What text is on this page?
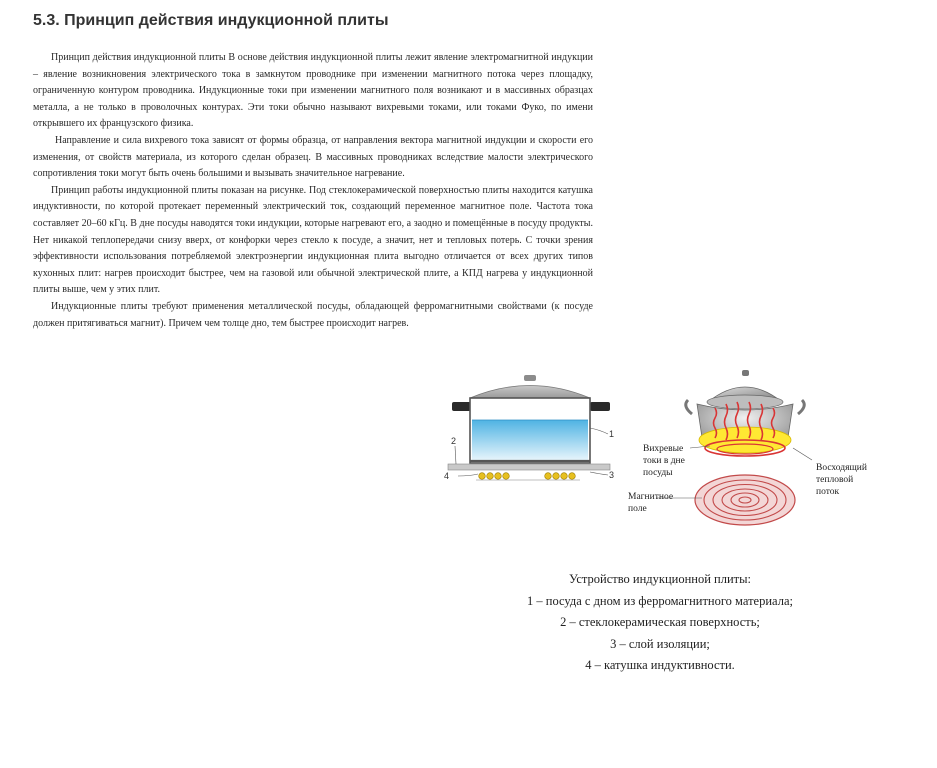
5.3. Принцип действия индукционной плиты

Принцип действия индукционной плиты В основе действия индукционной плиты лежит явление электромагнитной индукции – явление возникновения электрического тока в замкнутом проводнике при изменении магнитного потока через площадку, ограниченную контуром проводника. Индукционные токи при изменении магнитного поля возникают и в массивных образцах металла, а не только в проволочных контурах. Эти токи обычно называют вихревыми токами, или токами Фуко, по имени открывшего их французского физика.

Направление и сила вихревого тока зависят от формы образца, от направления вектора магнитной индукции и скорости его изменения, от свойств материала, из которого сделан образец. В массивных проводниках вследствие малости электрического сопротивления токи могут быть очень большими и вызывать значительное нагревание.

Принцип работы индукционной плиты показан на рисунке. Под стеклокерамической поверхностью плиты находится катушка индуктивности, по которой протекает переменный электрический ток, создающий переменное магнитное поле. Частота тока составляет 20–60 кГц. В дне посуды наводятся токи индукции, которые нагревают его, а заодно и помещённые в посуду продукты. Нет никакой теплопередачи снизу вверх, от конфорки через стекло к посуде, а значит, нет и тепловых потерь. С точки зрения эффективности использования потребляемой электроэнергии индукционная плита выгодно отличается от всех других типов кухонных плит: нагрев происходит быстрее, чем на газовой или обычной электрической плите, а КПД нагрева у индукционной плиты выше, чем у этих плит.

Индукционные плиты требуют применения металлической посуды, обладающей ферромагнитными свойствами (к посуде должен притягиваться магнит). Причем чем толще дно, тем быстрее происходит нагрев.

1
2
3
4
Вихревые
токи в дне
посуды	Восходящий
тепловой
поток
Магнитное
поле
Устройство индукционной плиты:
1 – посуда с дном из ферромагнитного материала;
2 – стеклокерамическая поверхность;
3 – слой изоляции;
4 – катушка индуктивности.
